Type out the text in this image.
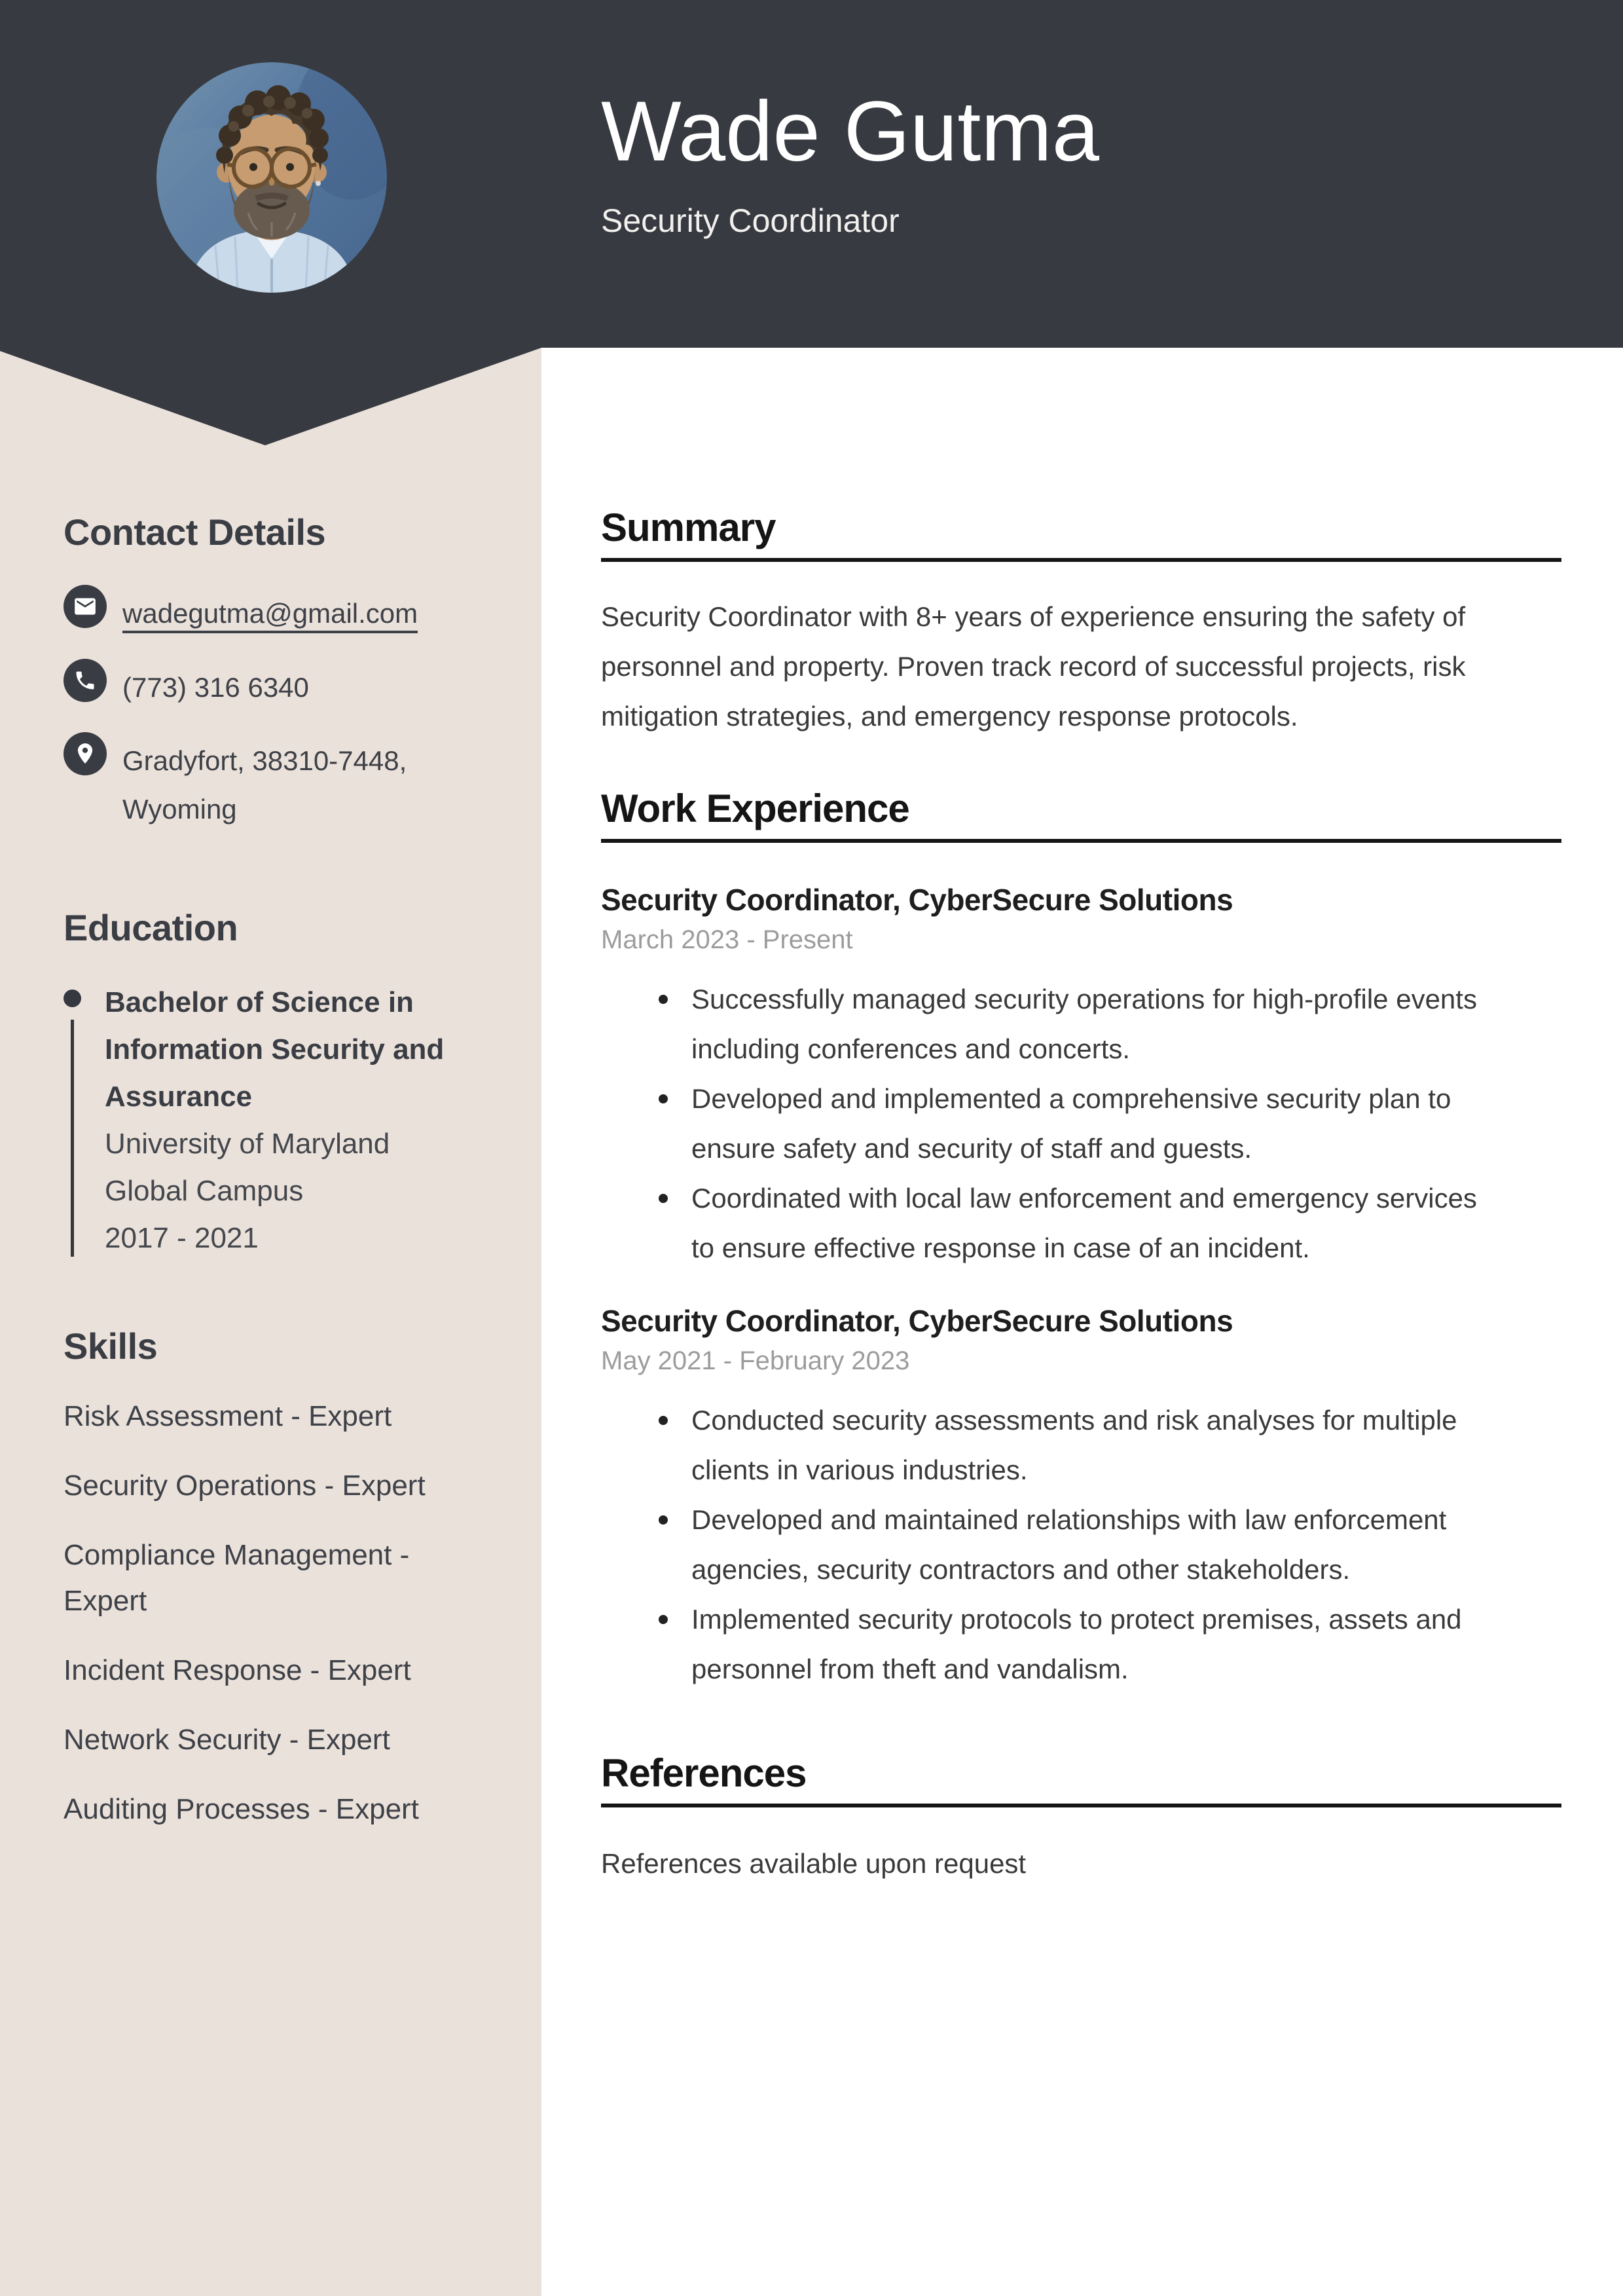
Wade Gutma
Security Coordinator
Contact Details
wadegutma@gmail.com
(773) 316 6340
Gradyfort, 38310-7448, Wyoming
Education
Bachelor of Science in Information Security and Assurance
University of Maryland Global Campus
2017 - 2021
Skills
Risk Assessment - Expert
Security Operations - Expert
Compliance Management - Expert
Incident Response - Expert
Network Security - Expert
Auditing Processes - Expert
Summary

Security Coordinator with 8+ years of experience ensuring the safety of personnel and property. Proven track record of successful projects, risk mitigation strategies, and emergency response protocols.

Work Experience
Security Coordinator, CyberSecure Solutions
March 2023 - Present
Successfully managed security operations for high-profile events including conferences and concerts.
Developed and implemented a comprehensive security plan to ensure safety and security of staff and guests.
Coordinated with local law enforcement and emergency services to ensure effective response in case of an incident.
Security Coordinator, CyberSecure Solutions
May 2021 - February 2023
Conducted security assessments and risk analyses for multiple clients in various industries.
Developed and maintained relationships with law enforcement agencies, security contractors and other stakeholders.
Implemented security protocols to protect premises, assets and personnel from theft and vandalism.
References

References available upon request
